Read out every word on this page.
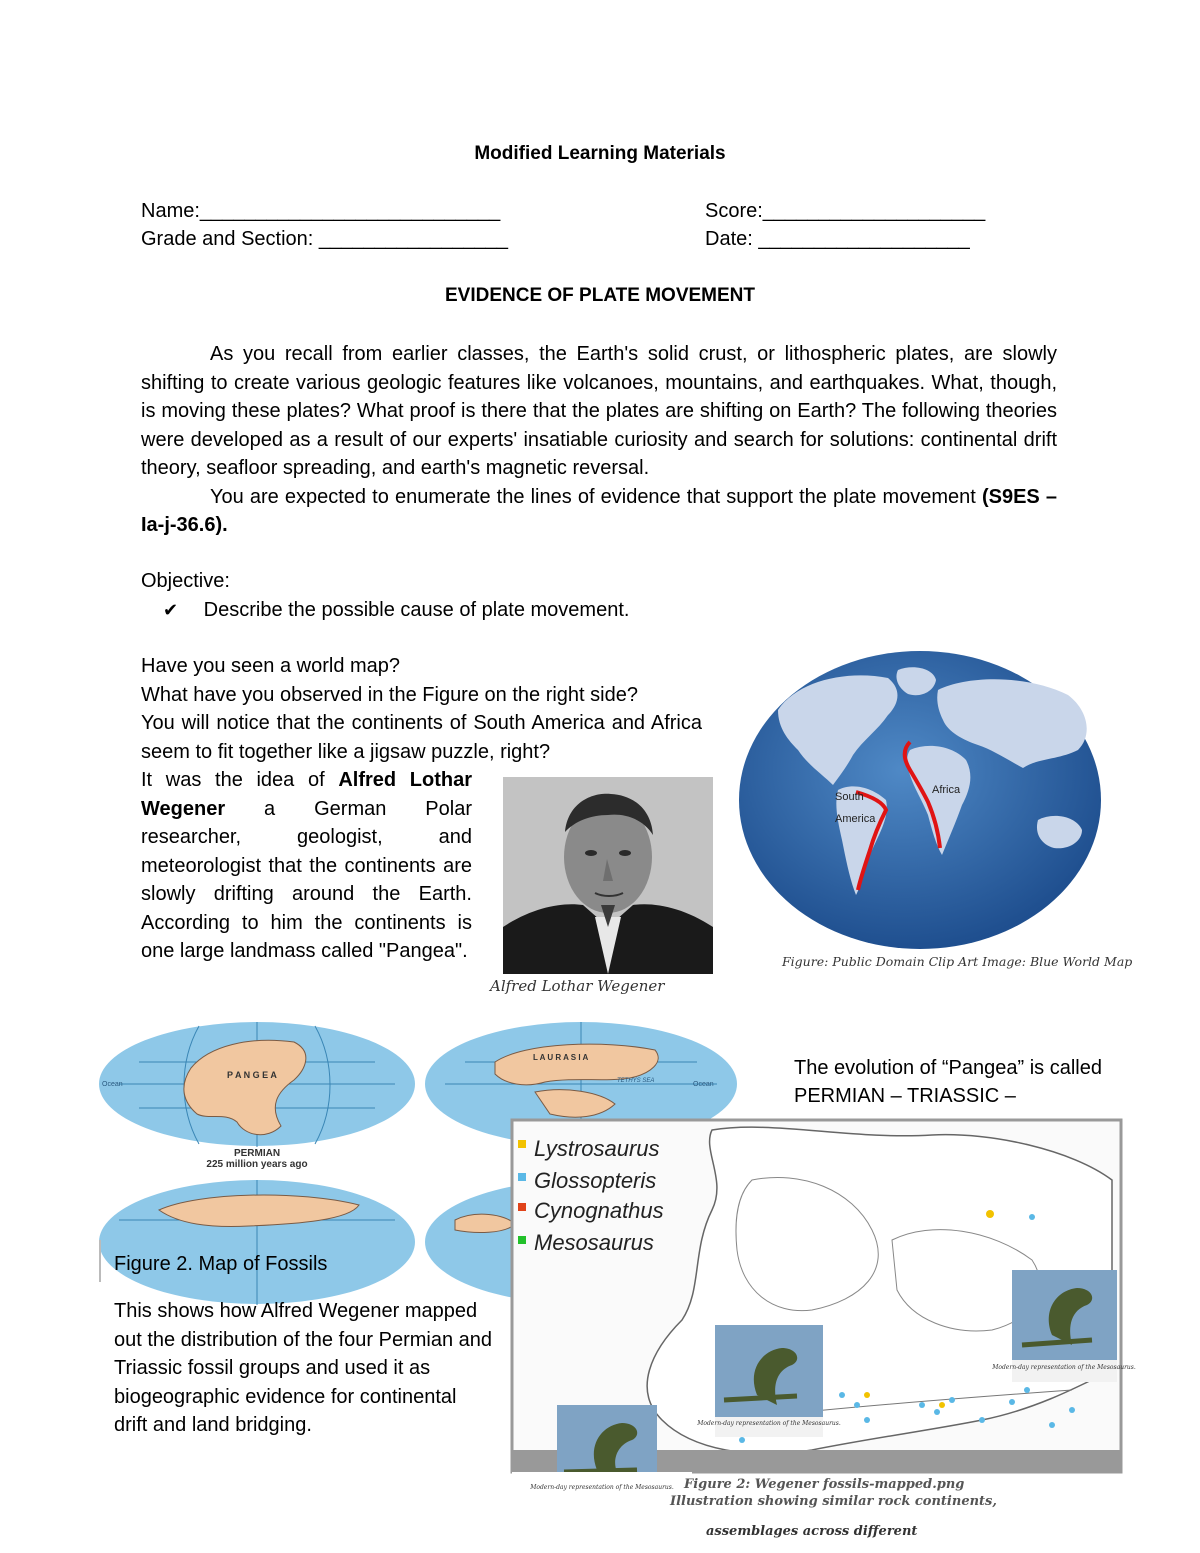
Modified Learning Materials
Name:___________________________	Score:____________________
Grade and Section: _________________	Date: ___________________
EVIDENCE OF PLATE MOVEMENT

As you recall from earlier classes, the Earth's solid crust, or lithospheric plates, are slowly shifting to create various geologic features like volcanoes, mountains, and earthquakes. What, though, is moving these plates? What proof is there that the plates are shifting on Earth? The following theories were developed as a result of our experts' insatiable curiosity and search for solutions: continental drift theory, seafloor spreading, and earth's magnetic reversal.

You are expected to enumerate the lines of evidence that support the plate movement (S9ES –Ia-j-36.6).

Objective:
✔ Describe the possible cause of plate movement.
Have you seen a world map?
What have you observed in the Figure on the right side?
You will notice that the continents of South America and Africa seem to fit together like a jigsaw puzzle, right?
It was the idea of Alfred Lothar Wegener a German Polar researcher, geologist, and meteorologist that the continents are slowly drifting around the Earth. According to him the continents is one large landmass called "Pangea".
Alfred Lothar Wegener
South
America
Africa
Figure: Public Domain Clip Art Image: Blue World Map
Ocean
P A N G E A
PERMIAN
225 million years ago
L A U R A S I A
TETHYS SEA	Ocean
The evolution of “Pangea” is called
PERMIAN – TRIASSIC –
Figure 2. Map of Fossils
This shows how Alfred Wegener mapped out the distribution of the four Permian and Triassic fossil groups and used it as biogeographic evidence for continental drift and land bridging.
Lystrosaurus
Glossopteris
Cynognathus
Mesosaurus
Modern-day representation of the Mesosaurus.
Modern-day representation of the Mesosaurus.
Modern-day representation of the Mesosaurus. Figure 2: Wegener fossils-mapped.png
Illustration showing similar rock continents,
assemblages across different
